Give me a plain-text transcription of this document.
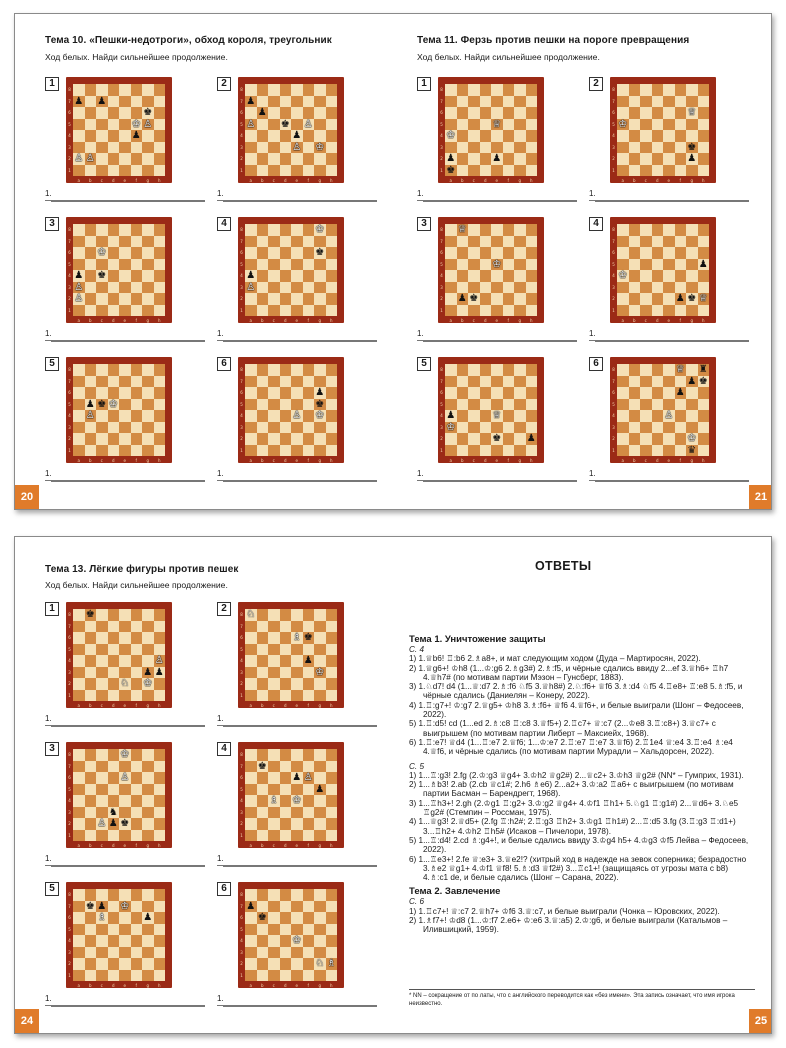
Тема 10. «Пешки-недотроги», обход короля, треугольник
Ход белых. Найди сильнейшее продолжение.
1
♟ ♟
♚
♔ ♙
♟
♙ ♙
8
7
6
5
4
3
2
1
a	b	c	d	e	f	g	h
1.
2
♟
♟
♙	♚ ♙
♟
♙ ♔
8
7
6
5
4
3
2
1
a	b	c	d	e	f	g	h
1.
3
♔
♟ ♚
♙
♙
8
7
6
5
4
3
2
1
a	b	c	d	e	f	g	h
1.
4
♔
♚
♟
♙
8
7
6
5
4
3
2
1
a	b	c	d	e	f	g	h
1.
5
♟ ♚ ♔
♙
8
7
6
5
4
3
2
1
a	b	c	d	e	f	g	h
1.
6
♟
♙
♚
♔
8
7
6
5
4
3
2
1
a	b	c	d	e	f	g	h
1.
20
Тема 11. Ферзь против пешки на пороге превращения
Ход белых. Найди сильнейшее продолжение.
1
♕
♔
♟	♟
♚
8
7
6
5
4
3
2
1
a	b	c	d	e	f	g	h
1.
2
♕
♔
♟
♚
8
7
6
5
4
3
2
1
a	b	c	d	e	f	g	h
1.
3
♕
♔
♟ ♚
8
7
6
5
4
3
2
1
a	b	c	d	e	f	g	h
1.
4
♟
♔
♚ ♕
♟
8
7
6
5
4
3
2
1
a	b	c	d	e	f	g	h
1.
5
♟	♕
♔
♚	♟
8
7
6
5
4
3
2
1
a	b	c	d	e	f	g	h
1.
6
♕ ♜
♚
♟
♟
♙
♔
♛
8
7
6
5
4
3
2
1
a	b	c	d	e	f	g	h
1.
21
Тема 13. Лёгкие фигуры против пешек
Ход белых. Найди сильнейшее продолжение.
1
♚
♟
♟
♔
♘
♙
8
7
6
5
4
3
2
1
a	b	c	d	e	f	g	h
1.
2
♘
♗ ♚
♟
♔
8
7
6
5
4
3
2
1
a	b	c	d	e	f	g	h
1.
3
♔
♙
♞
♟ ♚
♙
8
7
6
5
4
3
2
1
a	b	c	d	e	f	g	h
1.
4
♚
♟
♟
♗ ♔
♙
8
7
6
5
4
3
2
1
a	b	c	d	e	f	g	h
1.
5
♚ ♟
♟
♗
♔
8
7
6
5
4
3
2
1
a	b	c	d	e	f	g	h
1.
6
♟
♚
♔
♗
♘
8
7
6
5
4
3
2
1
a	b	c	d	e	f	g	h
1.
24
ОТВЕТЫ
Тема 1. Уничтожение защиты
С. 4
1) 1.♕b6! ♖:b6 2.♗a8+, и мат следующим ходом (Дуда – Мартиросян, 2022).
2) 1.♕g6+! ♔h8 (1...♔:g6 2.♗g3#) 2.♗:f5, и чёрные сдались ввиду 2...ef 3.♕h6+ ♖h7 4.♕h7# (по мотивам партии Мэзон – Гунсберг, 1883).
3) 1.♘d7! d4 (1...♕:d7 2.♗:f6 ♘f5 3.♕h8#) 2.♘:f6+ ♕f6 3.♗:d4 ♘f5 4.♖e8+ ♖:e8 5.♗:f5, и чёрные сдались (Даниелян – Конеру, 2022).
4) 1.♖:g7+! ♔:g7 2.♕g5+ ♔h8 3.♗:f6+ ♕f6 4.♕f6+, и белые выиграли (Шонг – Федосеев, 2022).
5) 1.♖:d5! cd (1...ed 2.♗:c8 ♖:c8 3.♕f5+) 2.♖c7+ ♕:c7 (2...♔e8 3.♖:c8+) 3.♕c7+ с выигрышем (по мотивам партии Либерт – Максиейх, 1968).
6) 1.♖:e7! ♕d4 (1...♖:e7 2.♕f6; 1...♔:e7 2.♖:e7 ♖:e7 3.♕f6) 2.♖1e4 ♕:e4 3.♖:e4 ♗:e4 4.♕f6, и чёрные сдались (по мотивам партии Мурадли – Хальдорсен, 2022).
С. 5
1) 1...♖:g3! 2.fg (2.♔:g3 ♕g4+ 3.♔h2 ♕g2#) 2...♕c2+ 3.♔h3 ♕g2# (NN* – Гумприх, 1931).
2) 1...♗b3! 2.ab (2.cb ♕c1#; 2.h6 ♗e6) 2...a2+ 3.♔:a2 ♖a6+ с выигрышем (по мотивам партии Басман – Барендрегт, 1968).
3) 1...♖h3+! 2.gh (2.♔g1 ♖:g2+ 3.♔:g2 ♕g4+ 4.♔f1 ♖h1+ 5.♘g1 ♖:g1#) 2...♕d6+ 3.♘e5 ♖g2# (Стемпин – Россман, 1975).
4) 1...♕g3! 2.♕d5+ (2.fg ♖:h2#; 2.♖:g3 ♖h2+ 3.♔g1 ♖h1#) 2...♖:d5 3.fg (3.♖:g3 ♖:d1+) 3...♖h2+ 4.♔h2 ♖h5# (Исаков – Пичелори, 1978).
5) 1...♖:d4! 2.cd ♗:g4+!, и белые сдались ввиду 3.♔g4 h5+ 4.♔g3 ♔f5 Лейва – Федосеев, 2022).
6) 1...♖e3+! 2.fe ♕:e3+ 3.♕e2!? (хитрый ход в надежде на зевок соперника; безрадостно 3.♗e2 ♕g1+ 4.♔f1 ♕f8! 5.♗:d3 ♕f2#) 3...♖c1+! (защищаясь от угрозы мата с b8) 4.♗:c1 de, и белые сдались (Шонг – Сарана, 2022).
Тема 2. Завлечение
С. 6
1) 1.♖c7+! ♕:c7 2.♕h7+ ♔f6 3.♕:c7, и белые выиграли (Чонка – Юровских, 2022).
2) 1.♗f7+! ♔d8 (1...♔:f7 2.e6+ ♔:e6 3.♕:a5) 2.♔:g6, и белые выиграли (Катальмов – Илившицкий, 1959).
* NN – сокращение от по латы, что с английского переводится как «без имени». Эта запись означает, что имя игрока неизвестно.
25
